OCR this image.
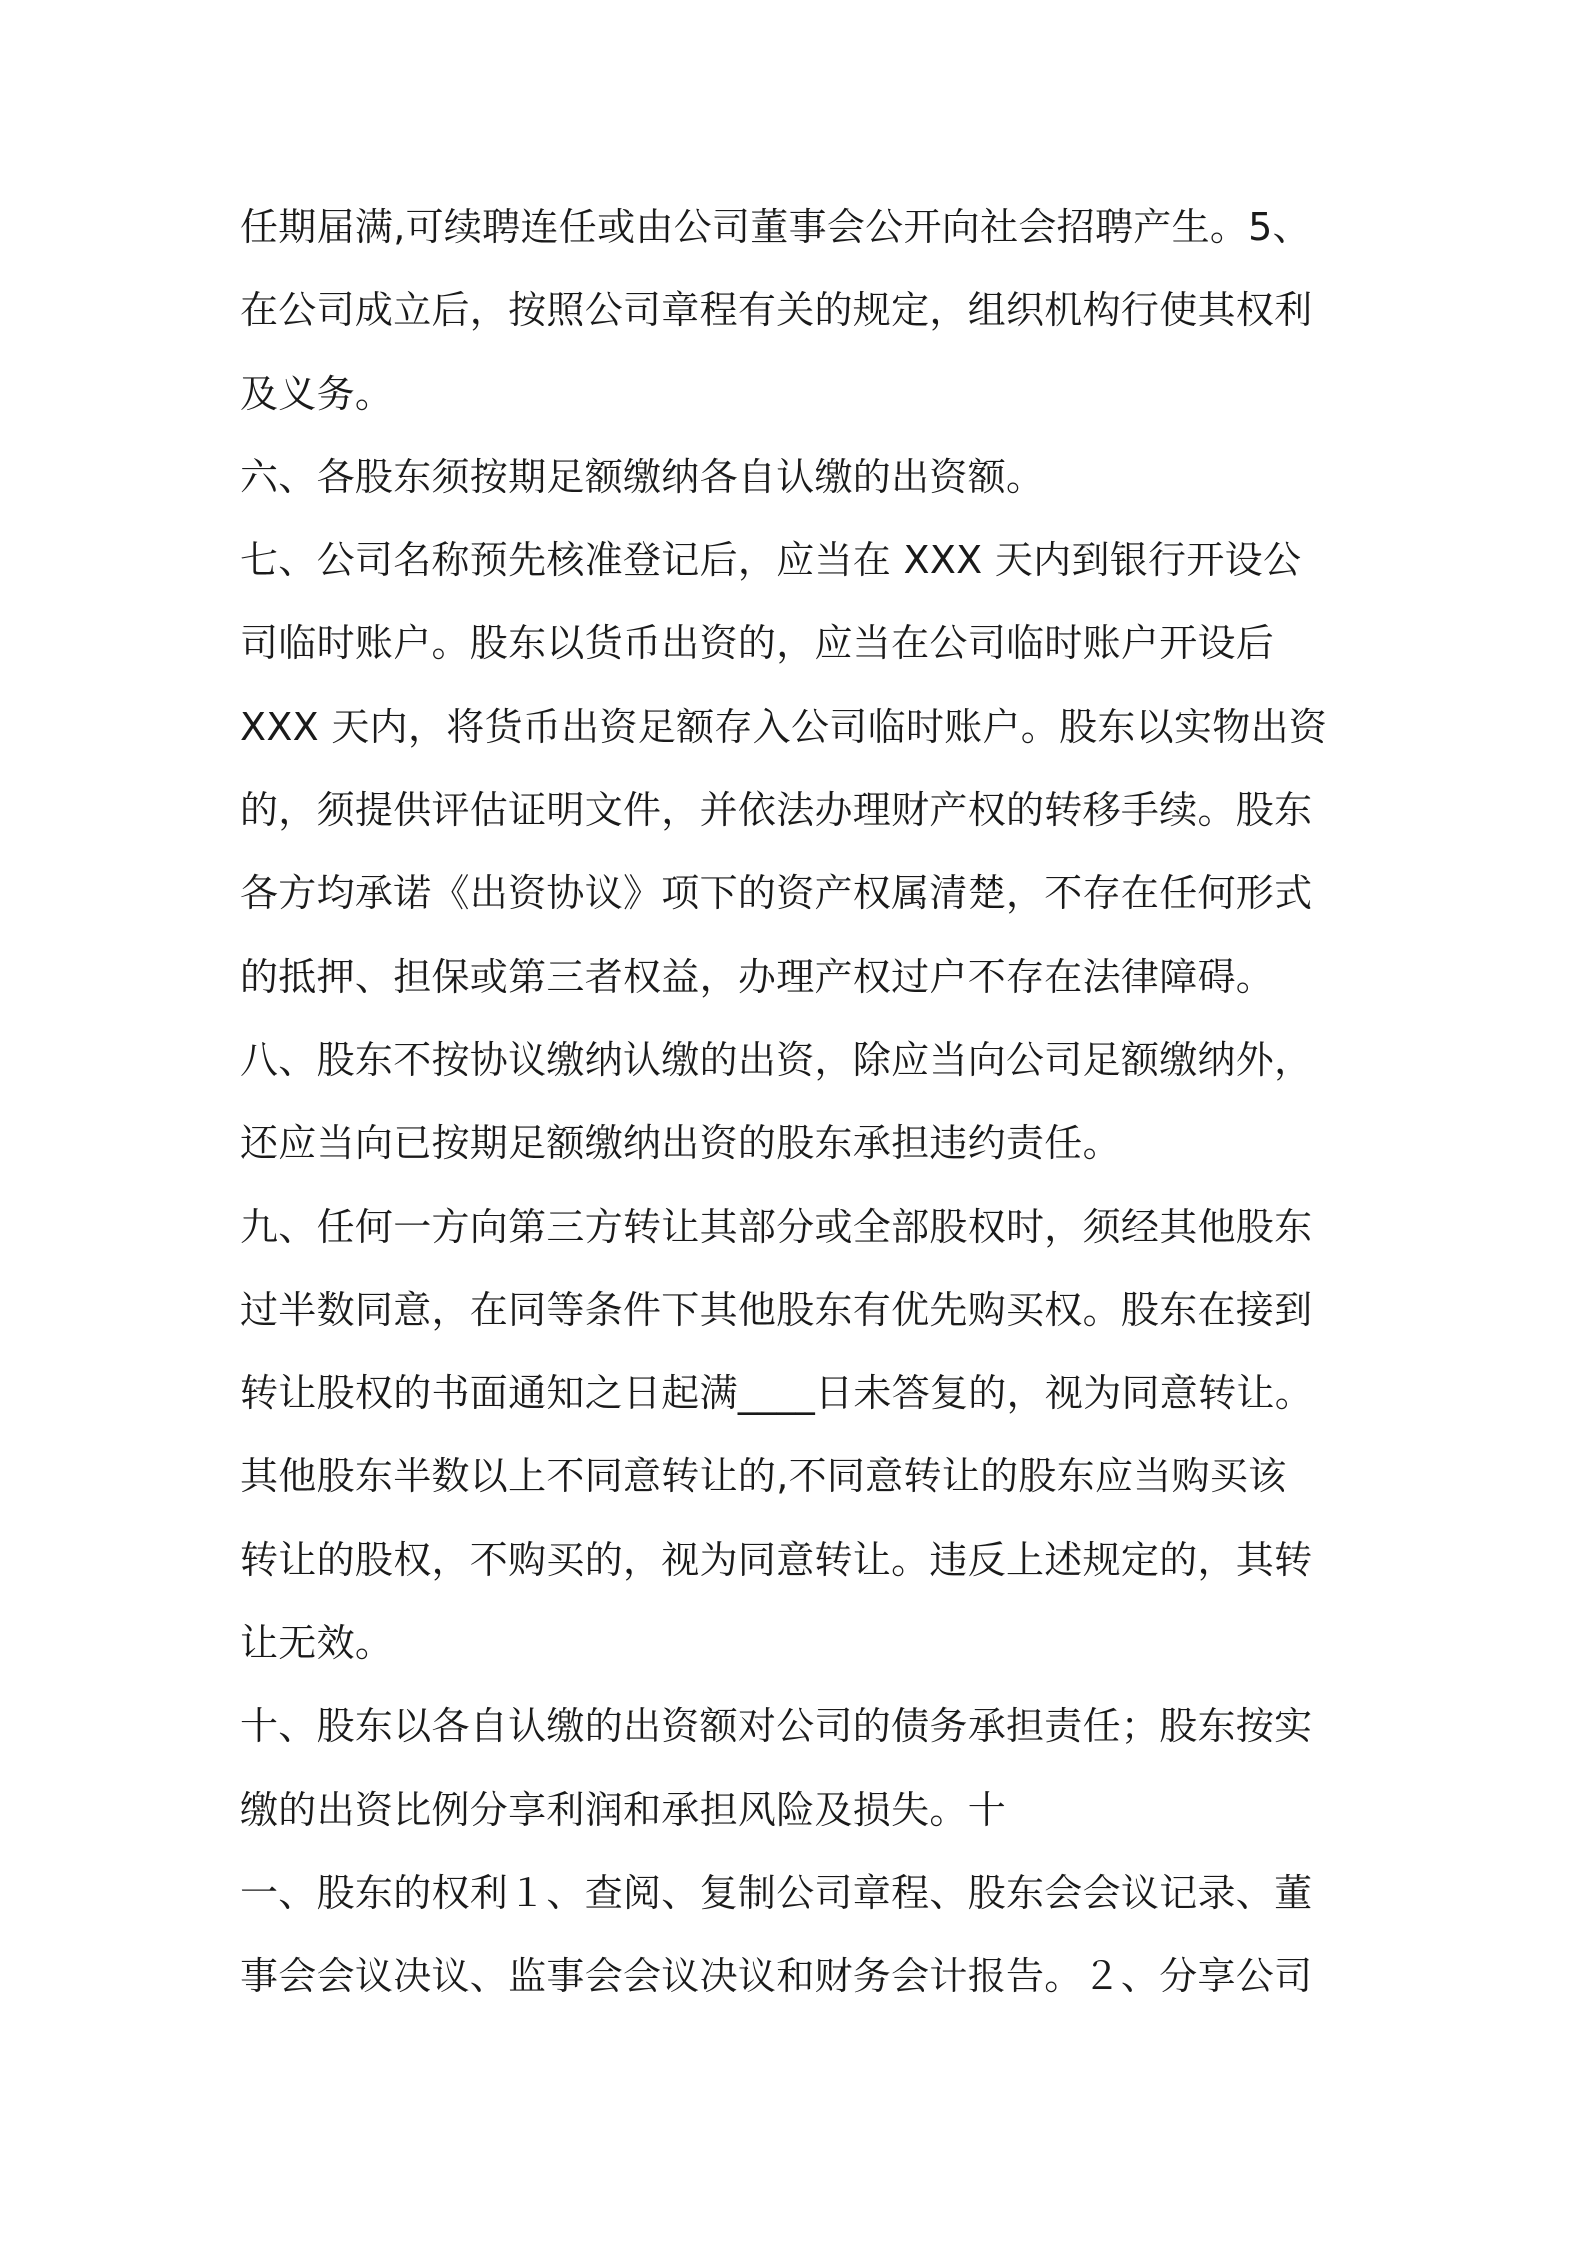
任期届满,可续聘连任或由公司董事会公开向社会招聘产生。5、
在公司成立后，按照公司章程有关的规定，组织机构行使其权利
及义务。
六、各股东须按期足额缴纳各自认缴的出资额。
七、公司名称预先核准登记后，应当在 XXX 天内到银行开设公
司临时账户。股东以货币出资的，应当在公司临时账户开设后
XXX 天内，将货币出资足额存入公司临时账户。股东以实物出资
的，须提供评估证明文件，并依法办理财产权的转移手续。股东
各方均承诺《出资协议》项下的资产权属清楚，不存在任何形式
的抵押、担保或第三者权益，办理产权过户不存在法律障碍。
八、股东不按协议缴纳认缴的出资，除应当向公司足额缴纳外，
还应当向已按期足额缴纳出资的股东承担违约责任。
九、任何一方向第三方转让其部分或全部股权时，须经其他股东
过半数同意，在同等条件下其他股东有优先购买权。股东在接到
转让股权的书面通知之日起满____日未答复的，视为同意转让。
其他股东半数以上不同意转让的,不同意转让的股东应当购买该
转让的股权，不购买的，视为同意转让。违反上述规定的，其转
让无效。
十、股东以各自认缴的出资额对公司的债务承担责任；股东按实
缴的出资比例分享利润和承担风险及损失。十
一、股东的权利１、查阅、复制公司章程、股东会会议记录、董
事会会议决议、监事会会议决议和财务会计报告。２、分享公司
